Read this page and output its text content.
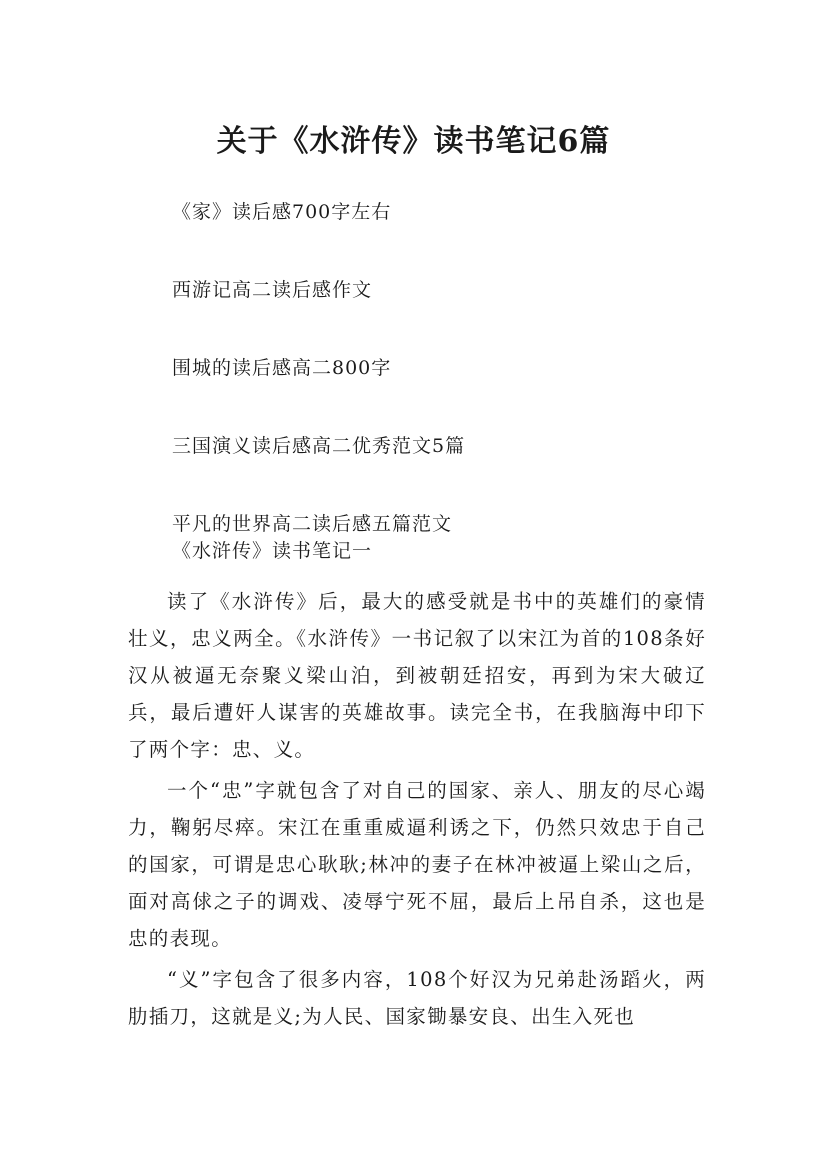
关于《水浒传》读书笔记6篇
《家》读后感700字左右
西游记高二读后感作文
围城的读后感高二800字
三国演义读后感高二优秀范文5篇
平凡的世界高二读后感五篇范文
《水浒传》读书笔记一

读了《水浒传》后，最大的感受就是书中的英雄们的豪情壮义，忠义两全。《水浒传》一书记叙了以宋江为首的108条好汉从被逼无奈聚义梁山泊，到被朝廷招安，再到为宋大破辽兵，最后遭奸人谋害的英雄故事。读完全书，在我脑海中印下了两个字：忠、义。

一个“忠”字就包含了对自己的国家、亲人、朋友的尽心竭力，鞠躬尽瘁。宋江在重重威逼利诱之下，仍然只效忠于自己的国家，可谓是忠心耿耿;林冲的妻子在林冲被逼上梁山之后，面对高俅之子的调戏、凌辱宁死不屈，最后上吊自杀，这也是忠的表现。

“义”字包含了很多内容，108个好汉为兄弟赴汤蹈火，两肋插刀，这就是义;为人民、国家锄暴安良、出生入死也
